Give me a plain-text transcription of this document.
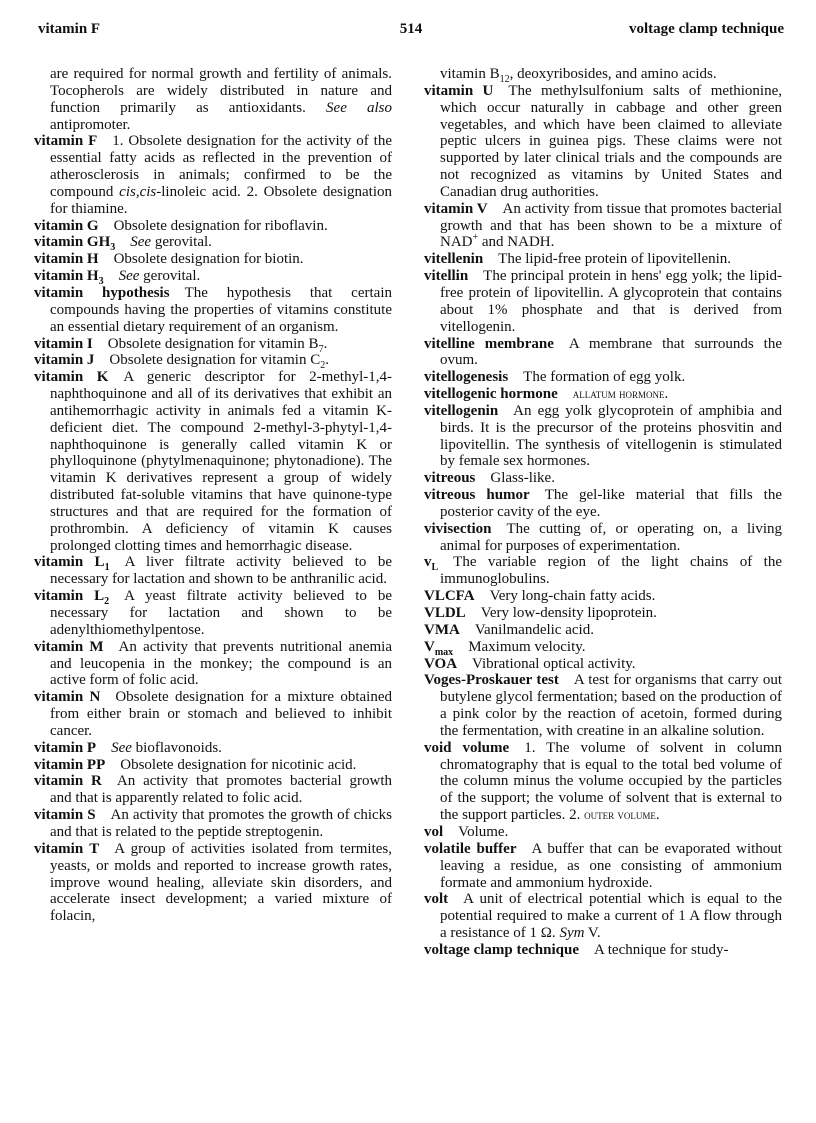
vitamin F	514	voltage clamp technique

are required for normal growth and fertility of animals. Tocopherols are widely distributed in nature and function primarily as antioxidants. See also antipromoter.

vitamin F  1. Obsolete designation for the activity of the essential fatty acids as reflected in the prevention of atherosclerosis in animals; confirmed to be the compound cis,cis-linoleic acid. 2. Obsolete designation for thiamine.

vitamin G  Obsolete designation for riboflavin.

vitamin $GH_3$  See gerovital.

vitamin H  Obsolete designation for biotin.

vitamin $H_3$  See gerovital.

vitamin hypothesis  The hypothesis that certain compounds having the properties of vitamins constitute an essential dietary requirement of an organism.

vitamin I  Obsolete designation for vitamin $B_7$.

vitamin J  Obsolete designation for vitamin $C_2$.

vitamin K  A generic descriptor for 2-methyl-1,4-naphthoquinone and all of its derivatives that exhibit an antihemorrhagic activity in animals fed a vitamin K-deficient diet. The compound 2-methyl-3-phytyl-1,4-naphthoquinone is generally called vitamin K or phylloquinone (phytylmenaquinone; phytonadione). The vitamin K derivatives represent a group of widely distributed fat-soluble vitamins that have quinone-type structures and that are required for the formation of prothrombin. A deficiency of vitamin K causes prolonged clotting times and hemorrhagic disease.

vitamin $L_1$  A liver filtrate activity believed to be necessary for lactation and shown to be anthranilic acid.

vitamin $L_2$  A yeast filtrate activity believed to be necessary for lactation and shown to be adenylthiomethylpentose.

vitamin M  An activity that prevents nutritional anemia and leucopenia in the monkey; the compound is an active form of folic acid.

vitamin N  Obsolete designation for a mixture obtained from either brain or stomach and believed to inhibit cancer.

vitamin P  See bioflavonoids.

vitamin PP  Obsolete designation for nicotinic acid.

vitamin R  An activity that promotes bacterial growth and that is apparently related to folic acid.

vitamin S  An activity that promotes the growth of chicks and that is related to the peptide streptogenin.

vitamin T  A group of activities isolated from termites, yeasts, or molds and reported to increase growth rates, improve wound healing, alleviate skin disorders, and accelerate insect development; a varied mixture of folacin,

vitamin $B_{12}$, deoxyribosides, and amino acids.

vitamin U  The methylsulfonium salts of methionine, which occur naturally in cabbage and other green vegetables, and which have been claimed to alleviate peptic ulcers in guinea pigs. These claims were not supported by later clinical trials and the compounds are not recognized as vitamins by United States and Canadian drug authorities.

vitamin V  An activity from tissue that promotes bacterial growth and that has been shown to be a mixture of NAD+ and NADH.

vitellenin  The lipid-free protein of lipovitellenin.

vitellin  The principal protein in hens' egg yolk; the lipid-free protein of lipovitellin. A glycoprotein that contains about 1% phosphate and that is derived from vitellogenin.

vitelline membrane  A membrane that surrounds the ovum.

vitellogenesis  The formation of egg yolk.

vitellogenic hormone  allatum hormone.

vitellogenin  An egg yolk glycoprotein of amphibia and birds. It is the precursor of the proteins phosvitin and lipovitellin. The synthesis of vitellogenin is stimulated by female sex hormones.

vitreous  Glass-like.

vitreous humor  The gel-like material that fills the posterior cavity of the eye.

vivisection  The cutting of, or operating on, a living animal for purposes of experimentation.

$v_L$  The variable region of the light chains of the immunoglobulins.

VLCFA  Very long-chain fatty acids.

VLDL  Very low-density lipoprotein.

VMA  Vanilmandelic acid.

$V_{max}$  Maximum velocity.

VOA  Vibrational optical activity.

Voges-Proskauer test  A test for organisms that carry out butylene glycol fermentation; based on the production of a pink color by the reaction of acetoin, formed during the fermentation, with creatine in an alkaline solution.

void volume  1. The volume of solvent in column chromatography that is equal to the total bed volume of the column minus the volume occupied by the particles of the support; the volume of solvent that is external to the support particles. 2. outer volume.

vol  Volume.

volatile buffer  A buffer that can be evaporated without leaving a residue, as one consisting of ammonium formate and ammonium hydroxide.

volt  A unit of electrical potential which is equal to the potential required to make a current of 1 A flow through a resistance of 1 Ω. Sym V.

voltage clamp technique  A technique for study-
